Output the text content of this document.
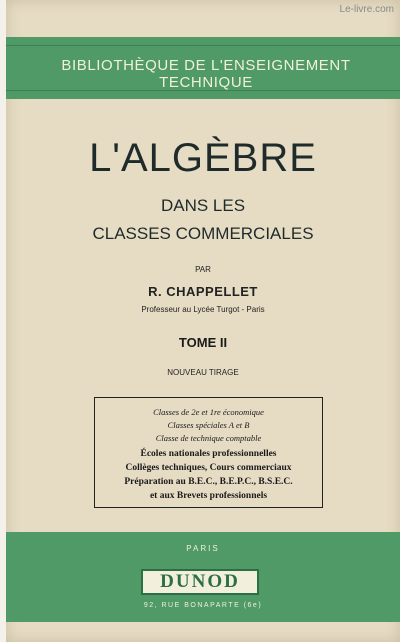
Le-livre.com
BIBLIOTHÈQUE DE L'ENSEIGNEMENT TECHNIQUE
L'ALGÈBRE
DANS LES
CLASSES COMMERCIALES
PAR
R. CHAPPELLET
Professeur au Lycée Turgot - Paris
TOME II
NOUVEAU TIRAGE
Classes de 2e et 1re économique
Classes spéciales A et B
Classe de technique comptable
Écoles nationales professionnelles
Collèges techniques, Cours commerciaux
Préparation au B.E.C., B.E.P.C., B.S.E.C.
et aux Brevets professionnels
PARIS
DUNOD
92, RUE BONAPARTE (6e)
